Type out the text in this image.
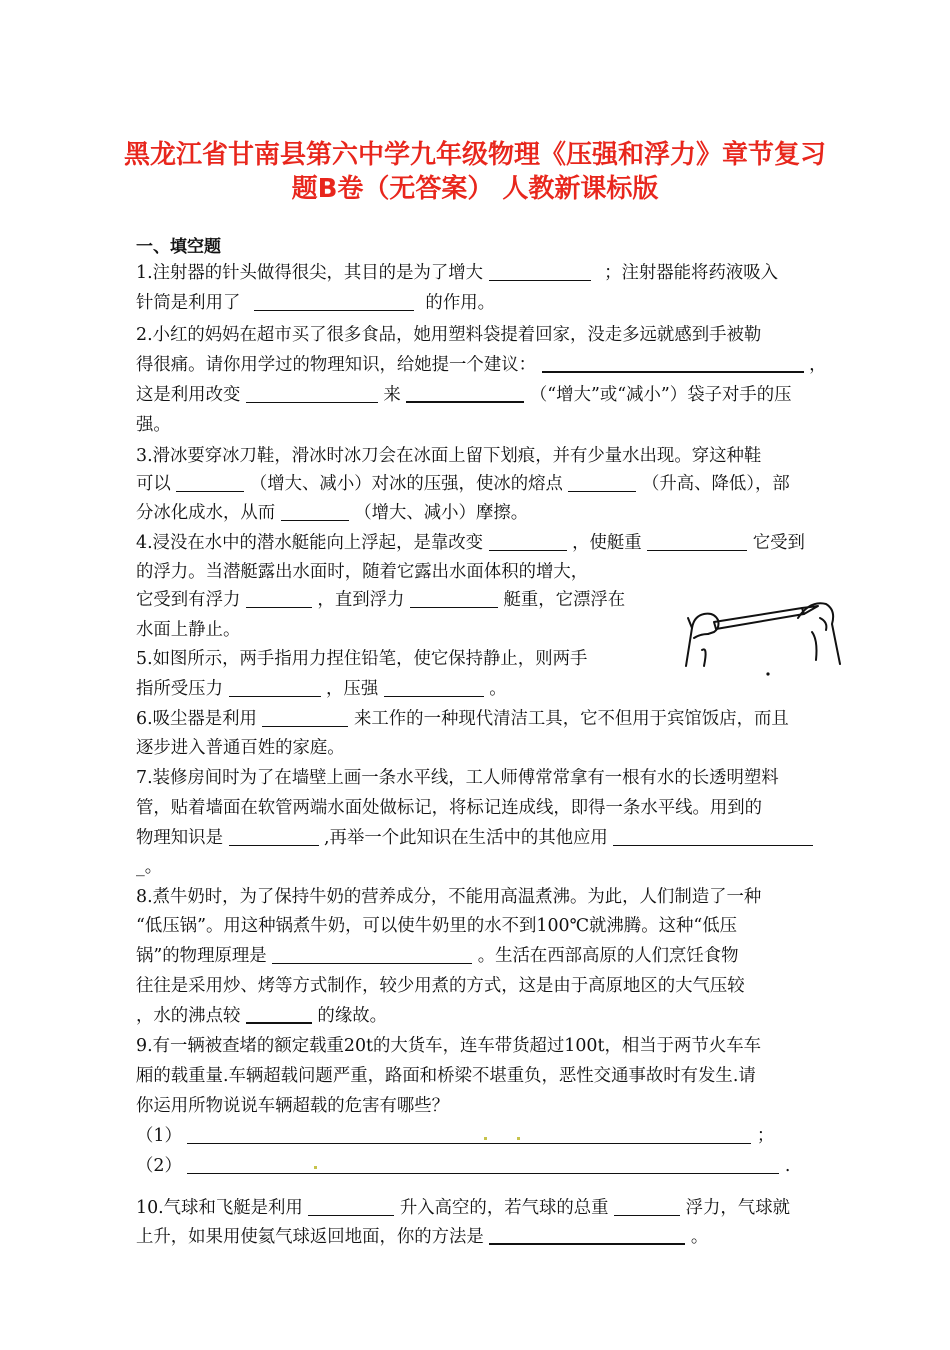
黑龙江省甘南县第六中学九年级物理《压强和浮力》章节复习
题B卷（无答案） 人教新课标版
一、填空题
1.注射器的针头做得很尖，其目的是为了增大	；注射器能将药液吸入
针筒是利用了	的作用。
2.小红的妈妈在超市买了很多食品，她用塑料袋提着回家，没走多远就感到手被勒
得很痛。请你用学过的物理知识，给她提一个建议：	，
这是利用改变	来	（“增大”或“减小”）袋子对手的压
强。
3.滑冰要穿冰刀鞋，滑冰时冰刀会在冰面上留下划痕，并有少量水出现。穿这种鞋
可以	（增大、减小）对冰的压强，使冰的熔点	（升高、降低），部
分冰化成水，从而	（增大、减小）摩擦。
4.浸没在水中的潜水艇能向上浮起，是靠改变	，使艇重	它受到
的浮力。当潜艇露出水面时，随着它露出水面体积的增大，
它受到有浮力	，直到浮力	艇重，它漂浮在
水面上静止。
5.如图所示，两手指用力捏住铅笔，使它保持静止，则两手
指所受压力	，压强	。
6.吸尘器是利用	来工作的一种现代清洁工具，它不但用于宾馆饭店，而且
逐步进入普通百姓的家庭。
7.装修房间时为了在墙壁上画一条水平线，工人师傅常常拿有一根有水的长透明塑料
管，贴着墙面在软管两端水面处做标记，将标记连成线，即得一条水平线。用到的
物理知识是	,再举一个此知识在生活中的其他应用
_。
8.煮牛奶时，为了保持牛奶的营养成分，不能用高温煮沸。为此，人们制造了一种
“低压锅”。用这种锅煮牛奶，可以使牛奶里的水不到100℃就沸腾。这种“低压
锅”的物理原理是	。生活在西部高原的人们烹饪食物
往往是采用炒、烤等方式制作，较少用煮的方式，这是由于高原地区的大气压较
，水的沸点较	的缘故。
9.有一辆被查堵的额定载重20t的大货车，连车带货超过100t，相当于两节火车车
厢的载重量.车辆超载问题严重，路面和桥梁不堪重负，恶性交通事故时有发生.请
你运用所物说说车辆超载的危害有哪些？
（1）	；
（2）	.
10.气球和飞艇是利用	升入高空的，若气球的总重	浮力，气球就
上升，如果用使氦气球返回地面，你的方法是	。
